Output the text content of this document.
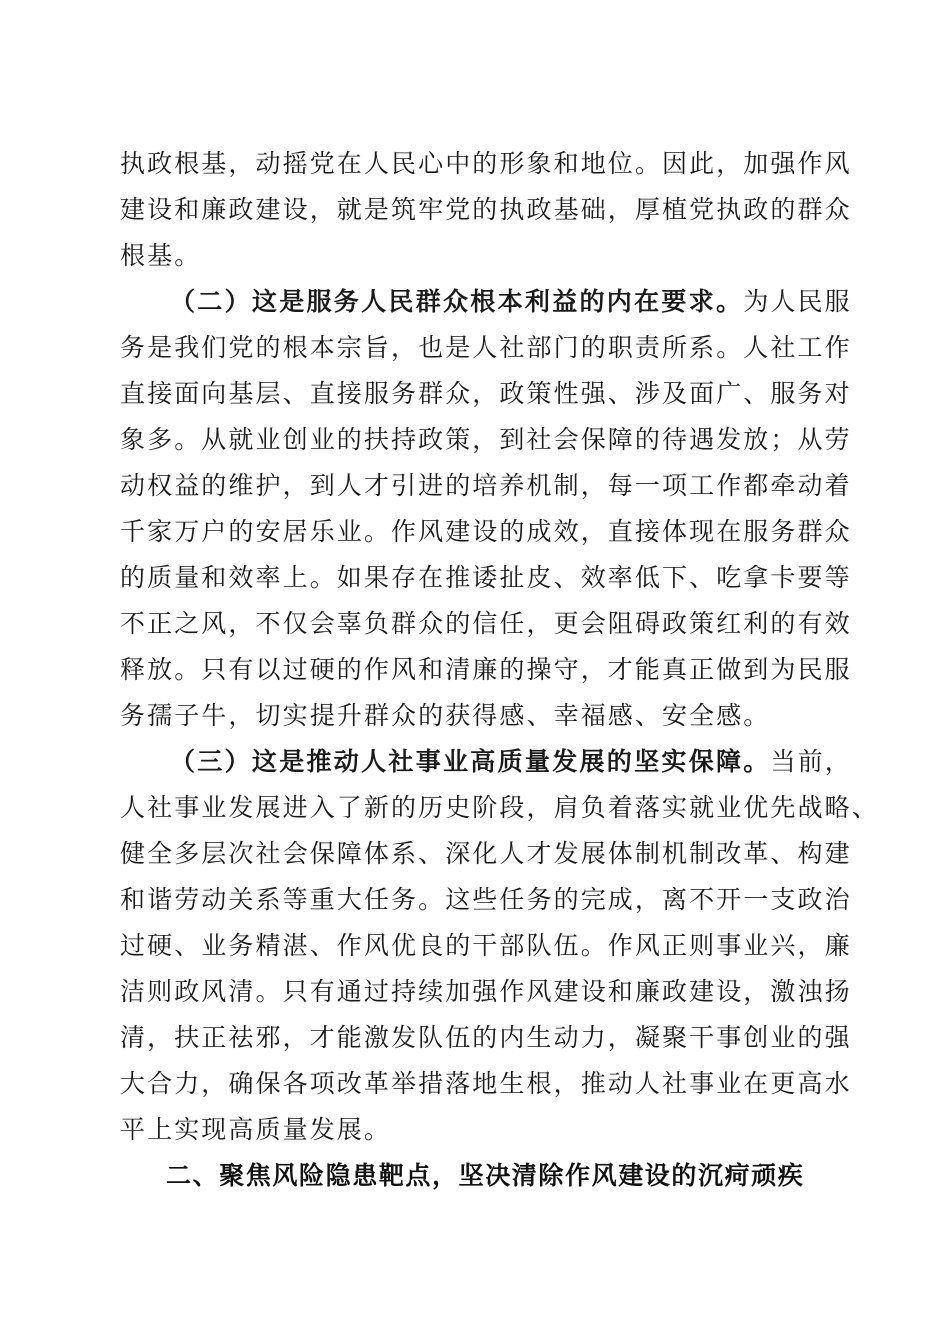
执政根基，动摇党在人民心中的形象和地位。因此，加强作风
建设和廉政建设，就是筑牢党的执政基础，厚植党执政的群众
根基。
（二）这是服务人民群众根本利益的内在要求。为人民服
务是我们党的根本宗旨，也是人社部门的职责所系。人社工作
直接面向基层、直接服务群众，政策性强、涉及面广、服务对
象多。从就业创业的扶持政策，到社会保障的待遇发放；从劳
动权益的维护，到人才引进的培养机制，每一项工作都牵动着
千家万户的安居乐业。作风建设的成效，直接体现在服务群众
的质量和效率上。如果存在推诿扯皮、效率低下、吃拿卡要等
不正之风，不仅会辜负群众的信任，更会阻碍政策红利的有效
释放。只有以过硬的作风和清廉的操守，才能真正做到为民服
务孺子牛，切实提升群众的获得感、幸福感、安全感。
（三）这是推动人社事业高质量发展的坚实保障。当前，
人社事业发展进入了新的历史阶段，肩负着落实就业优先战略、
健全多层次社会保障体系、深化人才发展体制机制改革、构建
和谐劳动关系等重大任务。这些任务的完成，离不开一支政治
过硬、业务精湛、作风优良的干部队伍。作风正则事业兴，廉
洁则政风清。只有通过持续加强作风建设和廉政建设，激浊扬
清，扶正祛邪，才能激发队伍的内生动力，凝聚干事创业的强
大合力，确保各项改革举措落地生根，推动人社事业在更高水
平上实现高质量发展。
二、聚焦风险隐患靶点，坚决清除作风建设的沉疴顽疾
